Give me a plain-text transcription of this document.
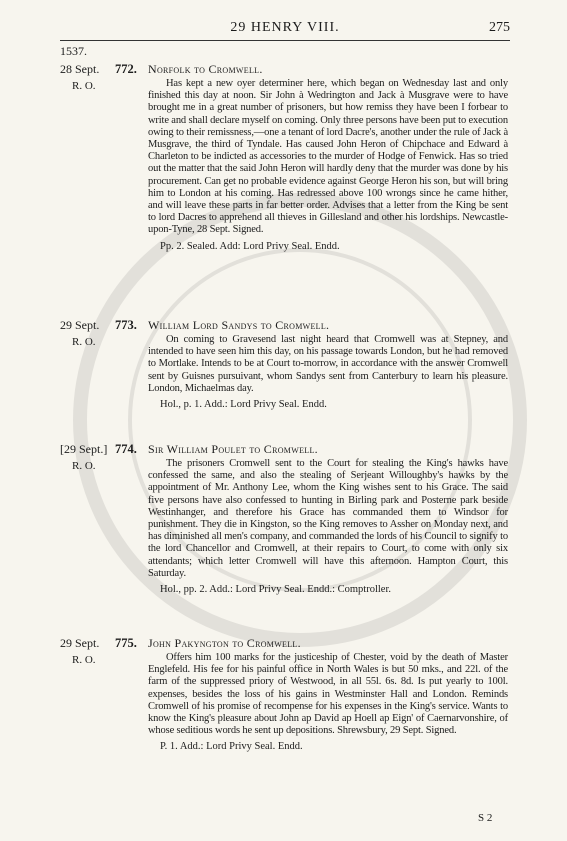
29 HENRY VIII.	275
1537.
28 Sept. 772. Norfolk to Cromwell.
R. O.	Has kept a new oyer determiner here, which began on Wednesday last and only finished this day at noon. Sir John à Wedrington and Jack à Musgrave were to have brought me in a great number of prisoners, but how remiss they have been I forbear to write and shall declare myself on coming. Only three persons have been put to execution owing to their remissness,—one a tenant of lord Dacre's, another under the rule of Jack à Musgrave, the third of Tyndale. Has caused John Heron of Chipchace and Edward à Charleton to be indicted as accessories to the murder of Hodge of Fenwick. Has so tried out the matter that the said John Heron will hardly deny that the murder was done by his procurement. Can get no probable evidence against George Heron his son, but will bring him to London at his coming. Has redressed above 100 wrongs since he came hither, and will leave these parts in far better order. Advises that a letter from the King be sent to lord Dacres to apprehend all thieves in Gillesland and other his lordships. Newcastle-upon-Tyne, 28 Sept. Signed.

Pp. 2. Sealed. Add: Lord Privy Seal. Endd.
29 Sept. 773. William Lord Sandys to Cromwell.
R. O.	On coming to Gravesend last night heard that Cromwell was at Stepney, and intended to have seen him this day, on his passage towards London, but he had removed to Mortlake. Intends to be at Court to-morrow, in accordance with the answer Cromwell sent by Guisnes pursuivant, whom Sandys sent from Canterbury to learn his pleasure. London, Michaelmas day.

Hol., p. 1. Add.: Lord Privy Seal. Endd.
[29 Sept.] 774. Sir William Poulet to Cromwell.
R. O.	The prisoners Cromwell sent to the Court for stealing the King's hawks have confessed the same, and also the stealing of Serjeant Willoughby's hawks by the appointment of Mr. Anthony Lee, whom the King wishes sent to his Grace. The said five persons have also confessed to hunting in Birling park and Posterne park beside Westinhanger, and therefore his Grace has commanded them to Windsor for punishment. They die in Kingston, so the King removes to Assher on Monday next, and has diminished all men's company, and commanded the lords of his Council to signify to the lord Chancellor and Cromwell, at their repairs to Court, to come with only six attendants; which letter Cromwell will have this afternoon. Hampton Court, this Saturday.

Hol., pp. 2. Add.: Lord Privy Seal. Endd.: Comptroller.
29 Sept. 775. John Pakyngton to Cromwell.
R. O.	Offers him 100 marks for the justiceship of Chester, void by the death of Master Englefeld. His fee for his painful office in North Wales is but 50 mks., and 22l. of the farm of the suppressed priory of Westwood, in all 55l. 6s. 8d. Is put yearly to 100l. expenses, besides the loss of his gains in Westminster Hall and London. Reminds Cromwell of his promise of recompense for his expenses in the King's service. Wants to know the King's pleasure about John ap David ap Hoell ap Eign' of Caernarvonshire, of whose seditious words he sent up depositions. Shrewsbury, 29 Sept. Signed.

P. 1. Add.: Lord Privy Seal. Endd.
S 2
